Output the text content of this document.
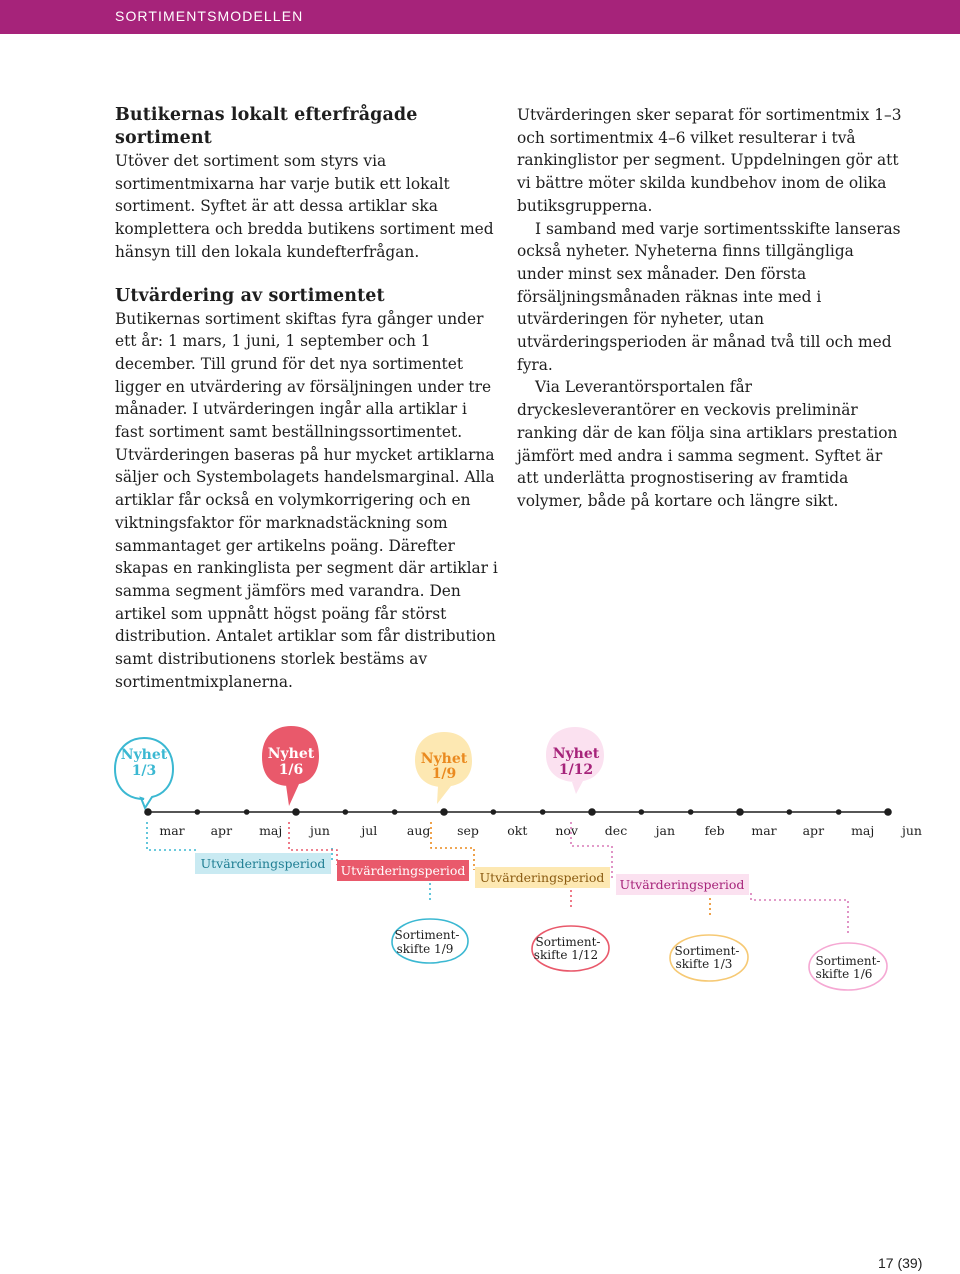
SORTIMENTSMODELLEN
Butikernas lokalt efterfrågade sortiment

Utöver det sortiment som styrs via sortimentmixarna har varje butik ett lokalt sortiment. Syftet är att dessa artiklar ska komplettera och bredda butikens sortiment med hänsyn till den lokala kundefterfrågan.

Utvärdering av sortimentet

Butikernas sortiment skiftas fyra gånger under ett år: 1 mars, 1 juni, 1 september och 1 december. Till grund för det nya sortimentet ligger en utvärdering av försäljningen under tre månader. I utvärderingen ingår alla artiklar i fast sortiment samt beställningssortimentet. Utvärderingen baseras på hur mycket artiklarna säljer och Systembolagets handelsmarginal. Alla artiklar får också en volymkorrigering och en viktningsfaktor för marknadstäckning som sammantaget ger artikelns poäng. Därefter skapas en rankinglista per segment där artiklar i samma segment jämförs med varandra. Den artikel som uppnått högst poäng får störst distribution. Antalet artiklar som får distribution samt distributionens storlek bestäms av sortimentmixplanerna.

Utvärderingen sker separat för sortimentmix 1–3 och sortimentmix 4–6 vilket resulterar i två rankinglistor per segment. Uppdelningen gör att vi bättre möter skilda kundbehov inom de olika butiksgrupperna.

I samband med varje sortimentsskifte lanseras också nyheter. Nyheterna finns tillgängliga under minst sex månader. Den första försäljningsmånaden räknas inte med i utvärderingen för nyheter, utan utvärderingsperioden är månad två till och med fyra.

Via Leverantörsportalen får dryckesleverantörer en veckovis preliminär ranking där de kan följa sina artiklars prestation jämfört med andra i samma segment. Syftet är att underlätta prognostisering av framtida volymer, både på kortare och längre sikt.

Nyhet
1/3
Nyhet
1/6
Nyhet
1/9
Nyhet
1/12
mar apr maj jun	jul aug sep okt nov dec jan feb mar apr maj jun
Utvärderingsperiod Utvärderingsperiod Utvärderingsperiod Utvärderingsperiod
Sortiment-
skifte 1/9	Sortiment-
skifte 1/12	Sortiment-
skifte 1/3	Sortiment-
skifte 1/6
17 (39)
